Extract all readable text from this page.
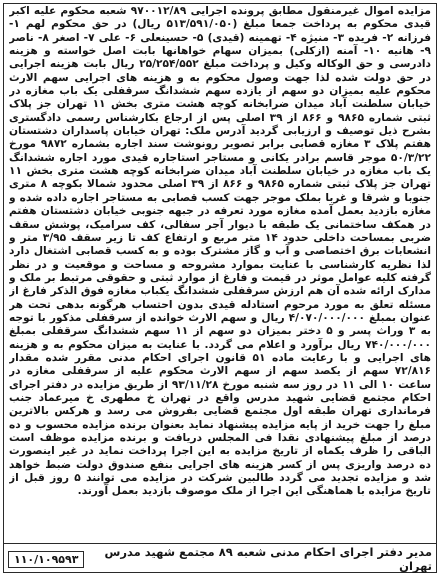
مزایده اموال غیرمنقول مطابق پرونده اجرایی ۹۷۰۰۱۲/۸۹ شعبه محکوم علیه اکبر قیدی محکوم به پرداخت جمعا مبلغ (۵۱۳/۵۹۱/۰۵۰ ریال) در حق محکوم لهم ۱- فرزانه ۲- فریده ۳- منیژه ۴- تهمینه (قیدی) ۵- حسینعلی ۶- علی ۷- اصغر ۸- ناصر ۹- هانیه ۱۰- آمنه (ازکلی) بمیزان سهام خواهانها بابت اصل خواسته و هزینه دادرسی و حق الوکاله وکیل و پرداخت مبلغ ۲۵/۲۵۴/۵۵۲ ریال بابت هزینه اجرایی در حق دولت شده لذا جهت وصول محکوم به و هزینه های اجرایی سهم الارث محکوم علیه بمیزان دو سهم از یازده سهم ششدانگ سرقفلی یک باب مغازه در خیابان سلطنت آباد میدان ضرابخانه کوچه هشت متری بخش ۱۱ تهران جز پلاک ثبتی شماره ۹۸۶۵ و ۸۶۶ از ۳۹ اصلی پس از ارجاع بکارشناس رسمی دادگستری بشرح ذیل توصیف و ارزیابی گردید آدرس ملک: تهران خیابان پاسداران دشتستان هفتم پلاک ۳ مغازه قصابی برابر تصویر رونوشت سند اجاره بشماره ۹۸۷۲ مورخ ۵۰/۳/۲۲ موجر قاسم برادر یکانی و مستاجر استاجاره قیدی مورد اجاره ششدانگ یک باب مغازه در خیابان سلطنت آباد میدان ضرابخانه کوچه هشت متری بخش ۱۱ تهران جز پلاک ثبتی شماره ۹۸۶۵ و ۸۶۶ از ۳۹ اصلی محدود شمالا بکوچه ۸ متری جنوبا و شرقا و غربا بملک موجر جهت کسب قصابی به مستاجر اجاره داده شده و مغازه بازدید بعمل آمده مغازه مورد تعرفه در جبهه جنوبی خیابان دشتستان هفتم در همکف ساختمانی یک طبقه با دیوار آجر سفالی، کف سرامیک، پوشش سقف ضربی بمساحت داخلی حدود ۱۴ متر مربع و ارتفاع کف تا زیر سقف ۳/۹۵ متر و انشعابات برق اختصاصی و آب و گاز مشترک بوده و به کسب قصابی اشتغال دارد لذا نظریه کارشناسی با عنایت بموارد مشروحه و مساحت و موقعیت و در نظر گرفته کلیه عوامل موثر در قیمت و فارغ از موارد ثبتی و حقوقی مرتبط بر ملک و مدارک ارائه شده آن هم ارزش سرقفلی ششدانگ یکباب مغازه فوق الذکر فارغ از مسئله تعلق به مورد مرحوم استادله قیدی بدون احتساب هرگونه بدهی تحت هر عنوان بمبلغ ۴/۰۷۰/۰۰۰/۰۰۰ ریال و سهم الارث خوانده از سرقفلی مذکور با توجه به ۳ وراث پسر و ۵ دختر بمیزان دو سهم از ۱۱ سهم ششدانگ سرقفلی بمبلغ ۷۴۰/۰۰۰/۰۰۰ ریال برآورد و اعلام می گردد. با عنایت به میزان محکوم به و هزینه های اجرایی و با رعایت ماده ۵۱ قانون اجرای احکام مدنی مقرر شده مقدار ۷۲/۸۱۶ سهم از یکصد سهم از سهم الارث محکوم علیه از سرقفلی مغازه در ساعت ۱۰ الی ۱۱ در روز سه شنبه مورخ ۹۳/۱۱/۲۸ از طریق مزایده در دفتر اجرای احکام مجتمع قضایی شهید مدرس واقع در تهران خ مطهری خ میرعماد جنب فرمانداری تهران طبقه اول مجتمع قضایی بفروش می رسد و هرکس بالاترین مبلغ را جهت خرید از پایه مزایده پیشنهاد نماید بعنوان برنده مزایده محسوب و ده درصد از مبلغ پیشنهادی نقدا فی المجلس دریافت و برنده مزایده موظف است الباقی را ظرف یکماه از تاریخ مزایده به این اجرا پرداخت نماید در غیر اینصورت ده درصد واریزی پس از کسر هزینه های اجرایی بنفع صندوق دولت ضبط خواهد شد و مزایده تجدید می گردد طالبین شرکت در مزایده می توانند ۵ روز قبل از تاریخ مزایده با هماهنگی این اجرا از ملک موصوف بازدید بعمل آورند.

۱۱۰/۱۰۹۵۹۳	مدیر دفتر اجرای احکام مدنی شعبه ۸۹ مجتمع شهید مدرس تهران
